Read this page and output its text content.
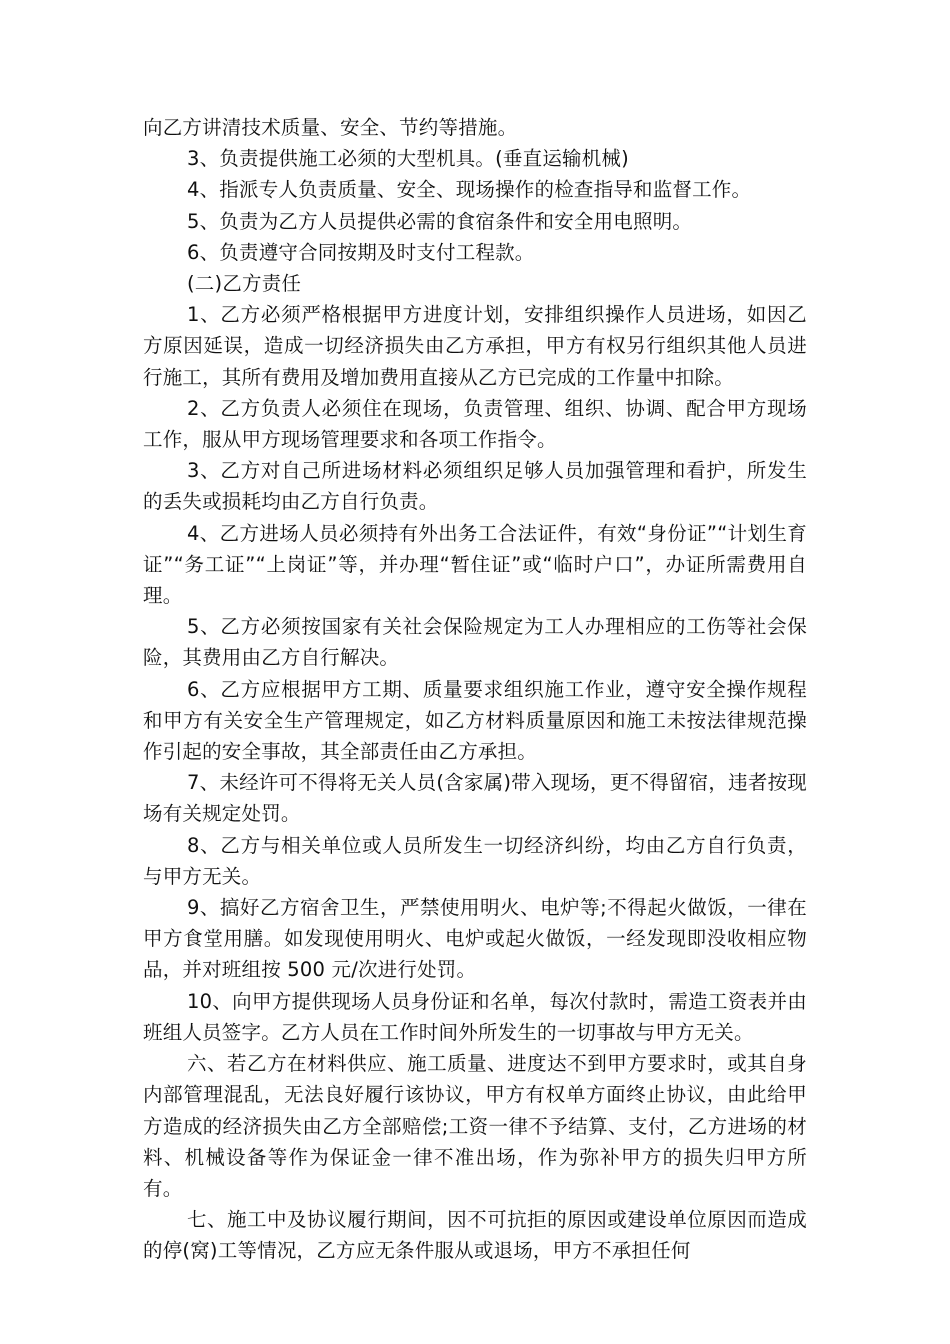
向乙方讲清技术质量、安全、节约等措施。

3、负责提供施工必须的大型机具。(垂直运输机械)

4、指派专人负责质量、安全、现场操作的检查指导和监督工作。

5、负责为乙方人员提供必需的食宿条件和安全用电照明。

6、负责遵守合同按期及时支付工程款。

(二)乙方责任

1、乙方必须严格根据甲方进度计划，安排组织操作人员进场，如因乙方原因延误，造成一切经济损失由乙方承担，甲方有权另行组织其他人员进行施工，其所有费用及增加费用直接从乙方已完成的工作量中扣除。

2、乙方负责人必须住在现场，负责管理、组织、协调、配合甲方现场工作，服从甲方现场管理要求和各项工作指令。

3、乙方对自己所进场材料必须组织足够人员加强管理和看护，所发生的丢失或损耗均由乙方自行负责。

4、乙方进场人员必须持有外出务工合法证件，有效“身份证”“计划生育证”“务工证”“上岗证”等，并办理“暂住证”或“临时户口”，办证所需费用自理。

5、乙方必须按国家有关社会保险规定为工人办理相应的工伤等社会保险，其费用由乙方自行解决。

6、乙方应根据甲方工期、质量要求组织施工作业，遵守安全操作规程和甲方有关安全生产管理规定，如乙方材料质量原因和施工未按法律规范操作引起的安全事故，其全部责任由乙方承担。

7、未经许可不得将无关人员(含家属)带入现场，更不得留宿，违者按现场有关规定处罚。

8、乙方与相关单位或人员所发生一切经济纠纷，均由乙方自行负责，与甲方无关。

9、搞好乙方宿舍卫生，严禁使用明火、电炉等;不得起火做饭，一律在甲方食堂用膳。如发现使用明火、电炉或起火做饭，一经发现即没收相应物品，并对班组按 500 元/次进行处罚。

10、向甲方提供现场人员身份证和名单，每次付款时，需造工资表并由班组人员签字。乙方人员在工作时间外所发生的一切事故与甲方无关。

六、若乙方在材料供应、施工质量、进度达不到甲方要求时，或其自身内部管理混乱，无法良好履行该协议，甲方有权单方面终止协议，由此给甲方造成的经济损失由乙方全部赔偿;工资一律不予结算、支付，乙方进场的材料、机械设备等作为保证金一律不准出场，作为弥补甲方的损失归甲方所有。

七、施工中及协议履行期间，因不可抗拒的原因或建设单位原因而造成的停(窝)工等情况，乙方应无条件服从或退场，甲方不承担任何
